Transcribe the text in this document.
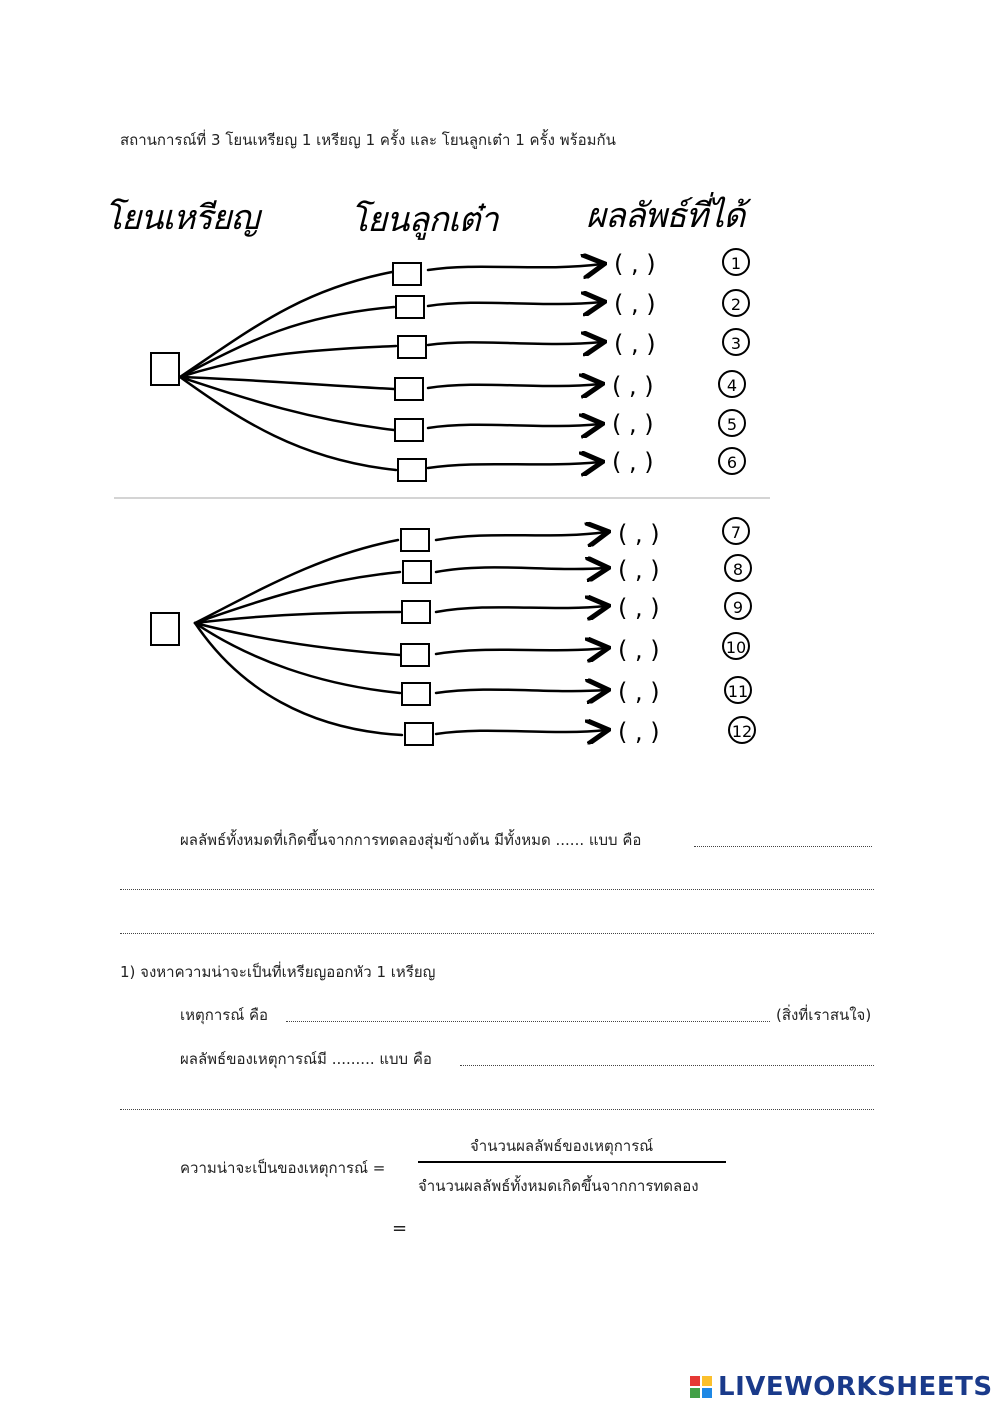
สถานการณ์ที่ 3 โยนเหรียญ 1 เหรียญ 1 ครั้ง และ โยนลูกเต๋า 1 ครั้ง พร้อมกัน
โยนเหรียญ	โยนลูกเต๋า	ผลลัพธ์ที่ได้
( , )
( , )
( , )
( , )
( , )
( , )
( , )
( , )
( , )
( , )
( , )
( , )
1
2
3
4
5
6
7
8
9
10
11
12
ผลลัพธ์ทั้งหมดที่เกิดขึ้นจากการทดลองสุ่มข้างต้น มีทั้งหมด ...... แบบ คือ
1) จงหาความน่าจะเป็นที่เหรียญออกหัว 1 เหรียญ
เหตุการณ์ คือ	(สิ่งที่เราสนใจ)
ผลลัพธ์ของเหตุการณ์มี ......... แบบ คือ
ความน่าจะเป็นของเหตุการณ์ =
จำนวนผลลัพธ์ของเหตุการณ์
จำนวนผลลัพธ์ทั้งหมดเกิดขึ้นจากการทดลอง
=
LIVEWORKSHEETS
